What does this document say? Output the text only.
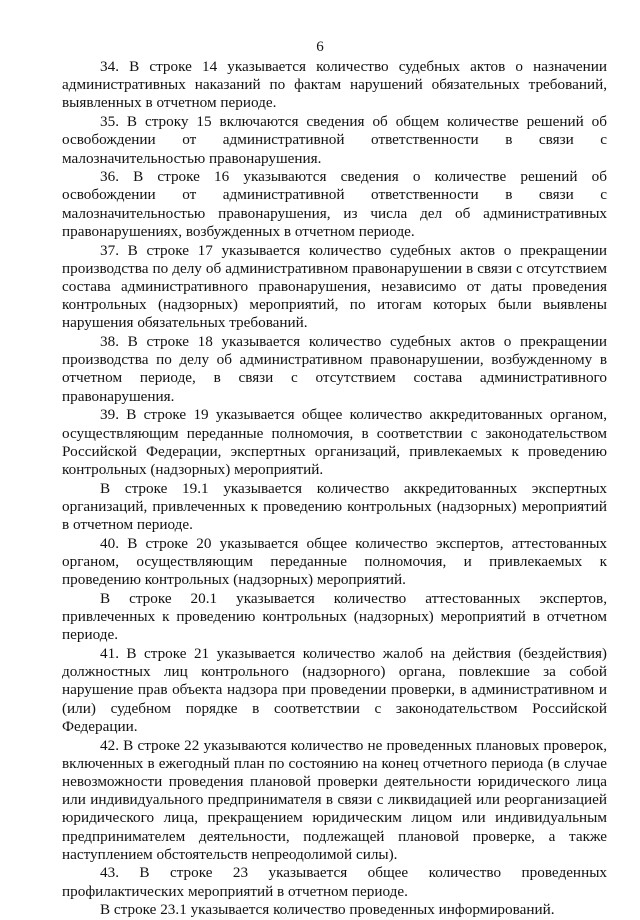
6

34. В строке 14 указывается количество судебных актов о назначении административных наказаний по фактам нарушений обязательных требований, выявленных в отчетном периоде.

35. В строку 15 включаются сведения об общем количестве решений об освобождении от административной ответственности в связи с малозначительностью правонарушения.

36. В строке 16 указываются сведения о количестве решений об освобождении от административной ответственности в связи с малозначительностью правонарушения, из числа дел об административных правонарушениях, возбужденных в отчетном периоде.

37. В строке 17 указывается количество судебных актов о прекращении производства по делу об административном правонарушении в связи с отсутствием состава административного правонарушения, независимо от даты проведения контрольных (надзорных) мероприятий, по итогам которых были выявлены нарушения обязательных требований.

38. В строке 18 указывается количество судебных актов о прекращении производства по делу об административном правонарушении, возбужденному в отчетном периоде, в связи с отсутствием состава административного правонарушения.

39. В строке 19 указывается общее количество аккредитованных органом, осуществляющим переданные полномочия, в соответствии с законодательством Российской Федерации, экспертных организаций, привлекаемых к проведению контрольных (надзорных) мероприятий.

В строке 19.1 указывается количество аккредитованных экспертных организаций, привлеченных к проведению контрольных (надзорных) мероприятий в отчетном периоде.

40. В строке 20 указывается общее количество экспертов, аттестованных органом, осуществляющим переданные полномочия, и привлекаемых к проведению контрольных (надзорных) мероприятий.

В строке 20.1 указывается количество аттестованных экспертов, привлеченных к проведению контрольных (надзорных) мероприятий в отчетном периоде.

41. В строке 21 указывается количество жалоб на действия (бездействия) должностных лиц контрольного (надзорного) органа, повлекшие за собой нарушение прав объекта надзора при проведении проверки, в административном и (или) судебном порядке в соответствии с законодательством Российской Федерации.

42. В строке 22 указываются количество не проведенных плановых проверок, включенных в ежегодный план по состоянию на конец отчетного периода (в случае невозможности проведения плановой проверки деятельности юридического лица или индивидуального предпринимателя в связи с ликвидацией или реорганизацией юридического лица, прекращением юридическим лицом или индивидуальным предпринимателем деятельности, подлежащей плановой проверке, а также наступлением обстоятельств непреодолимой силы).

43. В строке 23 указывается общее количество проведенных профилактических мероприятий в отчетном периоде.

В строке 23.1 указывается количество проведенных информирований.
